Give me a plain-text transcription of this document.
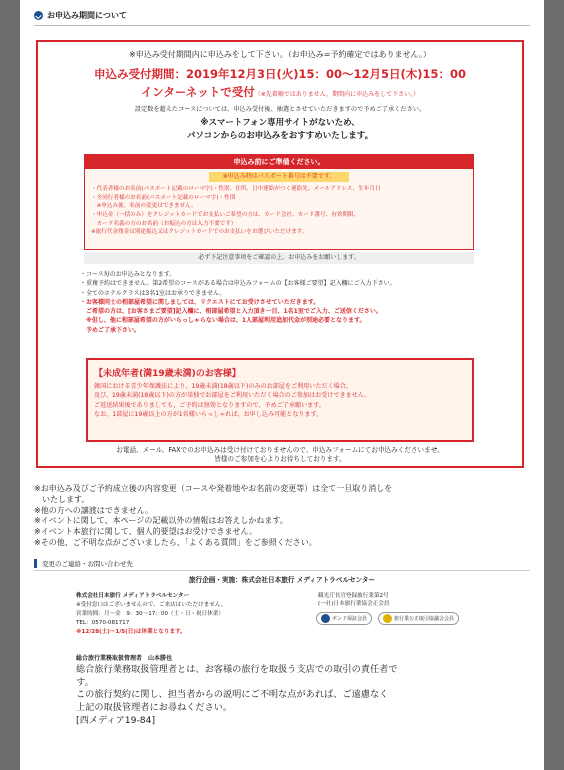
お申込み期間について
※申込み受付期間内に申込みをして下さい。（お申込み=予約確定ではありません。）
申込み受付期間：2019年12月3日(火)15：00〜12月5日(木)15：00
インターネットで受付（※先着順ではありません。期間内に申込みをして下さい。）
設定数を超えたコースについては、申込み受付後、抽選とさせていただきますので予めご了承ください。
※スマートフォン専用サイトがないため、
パソコンからのお申込みをおすすめいたします。
申込み前にご準備ください。
※申込み時はパスポート番号は不要です。
・代表者様のお名前(パスポート記載のローマ字)・性別、住所、日中連絡がつく連絡先、メールアドレス、生年月日
・全同行者様のお名前(パスポート記載のローマ字)・性別
　※申込み後、名前の変更はできません。
・申込金（一括のみ）をクレジットカードでお支払いご希望の方は、カード会社、カード番号、有効期限、
　カード名義の方のお名前（お振込の方は入力不要です）
※旅行代金残金は別途振込又はクレジットカードでのお支払いをお選びいただけます。
必ず下記注意事項をご確認の上、お申込みをお願いします。
・コース毎のお申込みとなります。
・重複予約はできません。第2希望のコースがある場合は申込みフォームの【お客様ご要望】記入欄にご入力下さい。
・全てのホテルクラスは3名1室はお承りできません。
・お客様同士の相部屋希望に関しましては、リクエストにてお受けさせていただきます。
　ご希望の方は、[お客さまご要望]記入欄に、相部屋希望と入力頂き一目、1名1室でご入力、ご送信ください。
　※但し、他に相部屋希望の方がいらっしゃらない場合は、1人部屋利用追加代金が別途必要となります。
　予めご了承下さい。
【未成年者(満19歳未満)のお客様】
韓国における青少年保護法により、19歳未満(18歳以下)のみのお部屋をご利用いただく場合、
及び、19歳未満(18歳以下)の方が単独でお部屋をご利用いただく場合のご参加はお受けできません。
ご返送結果後でありましても、ご予約は無効となりますので、予めご了承願います。
なお、1部屋に19歳以上の方が1名様いらっしゃれば、お申し込み可能となります。
お電話、メール、FAXでのお申込みは受け付けておりませんので、申込みフォームにてお申込みくださいませ。
皆様のご参加を心よりお待ちしております。
※お申込み及びご予約成立後の内容変更（コースや発着地やお名前の変更等）は全て一旦取り消しを
　いたします。
※他の方への譲渡はできません。
※イベントに関して、本ページの記載以外の情報はお答えしかねます。
※イベント本旅行に関して、個人的要望はお受けできません。
※その他、ご不明な点がございましたら、「よくある質問」をご参照ください。
変更のご連絡・お問い合わせ先
旅行企画・実施：株式会社日本旅行 メディアトラベルセンター
株式会社日本旅行 メディアトラベルセンター
※受付窓口はございませんので、ご来店はいただけません。
営業時間：月〜金　9：30〜17：00（土・日・祝日休業）
TEL：0570-081717
※12/28(土)〜1/5(日)は休業となります。
観光庁長官登録旅行業第2号
(一社)日本旅行業協会正会員
ボンド保証会員	旅行業公正取引協議会会員
総合旅行業務取扱管理者　山本勝也
総合旅行業務取扱管理者とは、お客様の旅行を取扱う支店での取引の責任者で
す。
この旅行契約に関し、担当者からの説明にご不明な点があれば、ご遠慮なく
上記の取扱管理者にお尋ねください。
[西メディア19-84]
